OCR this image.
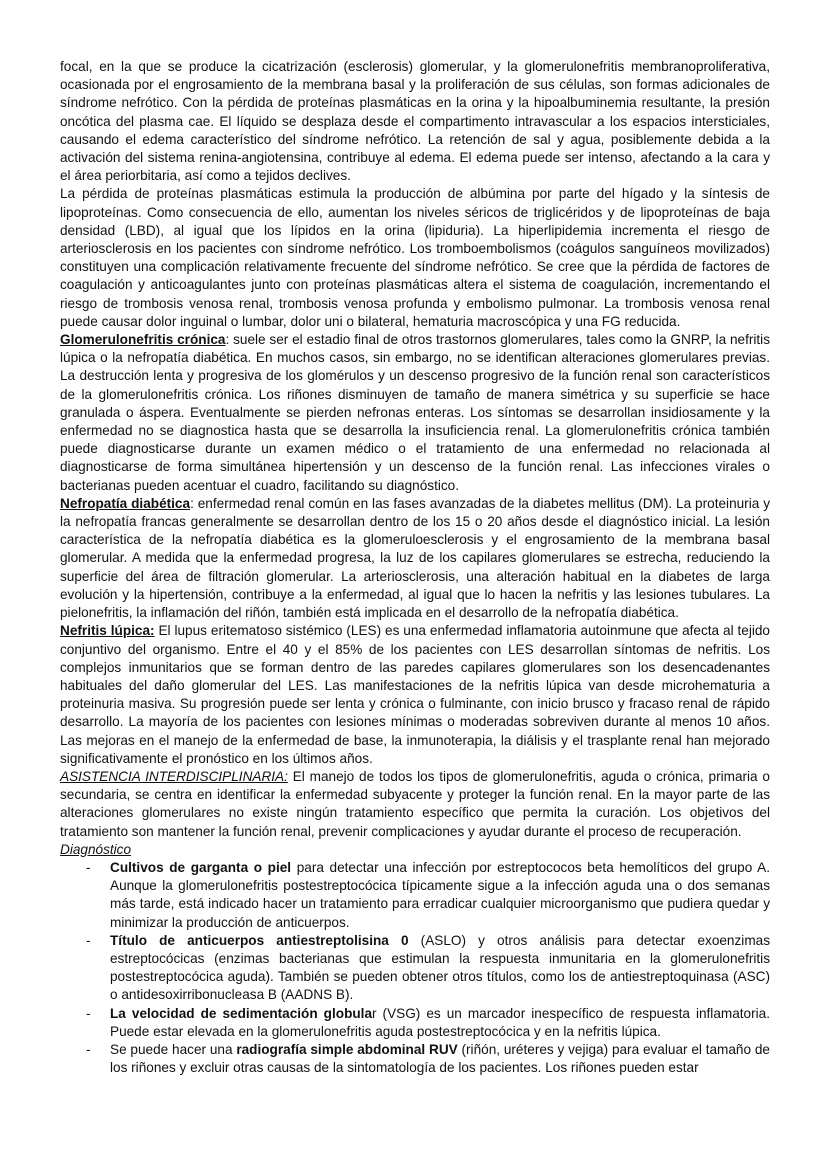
focal, en la que se produce la cicatrización (esclerosis) glomerular, y la glomerulonefritis membranoproliferativa, ocasionada por el engrosamiento de la membrana basal y la proliferación de sus células, son formas adicionales de síndrome nefrótico. Con la pérdida de proteínas plasmáticas en la orina y la hipoalbuminemia resultante, la presión oncótica del plasma cae. El líquido se desplaza desde el compartimento intravascular a los espacios intersticiales, causando el edema característico del síndrome nefrótico. La retención de sal y agua, posiblemente debida a la activación del sistema renina-angiotensina, contribuye al edema. El edema puede ser intenso, afectando a la cara y el área periorbitaria, así como a tejidos declives.

La pérdida de proteínas plasmáticas estimula la producción de albúmina por parte del hígado y la síntesis de lipoproteínas. Como consecuencia de ello, aumentan los niveles séricos de triglicéridos y de lipoproteínas de baja densidad (LBD), al igual que los lípidos en la orina (lipiduria). La hiperlipidemia incrementa el riesgo de arteriosclerosis en los pacientes con síndrome nefrótico. Los tromboembolismos (coágulos sanguíneos movilizados) constituyen una complicación relativamente frecuente del síndrome nefrótico. Se cree que la pérdida de factores de coagulación y anticoagulantes junto con proteínas plasmáticas altera el sistema de coagulación, incrementando el riesgo de trombosis venosa renal, trombosis venosa profunda y embolismo pulmonar. La trombosis venosa renal puede causar dolor inguinal o lumbar, dolor uni o bilateral, hematuria macroscópica y una FG reducida.

Glomerulonefritis crónica: suele ser el estadio final de otros trastornos glomerulares, tales como la GNRP, la nefritis lúpica o la nefropatía diabética. En muchos casos, sin embargo, no se identifican alteraciones glomerulares previas. La destrucción lenta y progresiva de los glomérulos y un descenso progresivo de la función renal son característicos de la glomerulonefritis crónica. Los riñones disminuyen de tamaño de manera simétrica y su superficie se hace granulada o áspera. Eventualmente se pierden nefronas enteras. Los síntomas se desarrollan insidiosamente y la enfermedad no se diagnostica hasta que se desarrolla la insuficiencia renal. La glomerulonefritis crónica también puede diagnosticarse durante un examen médico o el tratamiento de una enfermedad no relacionada al diagnosticarse de forma simultánea hipertensión y un descenso de la función renal. Las infecciones virales o bacterianas pueden acentuar el cuadro, facilitando su diagnóstico.

Nefropatía diabética: enfermedad renal común en las fases avanzadas de la diabetes mellitus (DM). La proteinuria y la nefropatía francas generalmente se desarrollan dentro de los 15 o 20 años desde el diagnóstico inicial. La lesión característica de la nefropatía diabética es la glomeruloesclerosis y el engrosamiento de la membrana basal glomerular. A medida que la enfermedad progresa, la luz de los capilares glomerulares se estrecha, reduciendo la superficie del área de filtración glomerular. La arteriosclerosis, una alteración habitual en la diabetes de larga evolución y la hipertensión, contribuye a la enfermedad, al igual que lo hacen la nefritis y las lesiones tubulares. La pielonefritis, la inflamación del riñón, también está implicada en el desarrollo de la nefropatía diabética.

Nefritis lúpica: El lupus eritematoso sistémico (LES) es una enfermedad inflamatoria autoinmune que afecta al tejido conjuntivo del organismo. Entre el 40 y el 85% de los pacientes con LES desarrollan síntomas de nefritis. Los complejos inmunitarios que se forman dentro de las paredes capilares glomerulares son los desencadenantes habituales del daño glomerular del LES. Las manifestaciones de la nefritis lúpica van desde microhematuria a proteinuria masiva. Su progresión puede ser lenta y crónica o fulminante, con inicio brusco y fracaso renal de rápido desarrollo. La mayoría de los pacientes con lesiones mínimas o moderadas sobreviven durante al menos 10 años. Las mejoras en el manejo de la enfermedad de base, la inmunoterapia, la diálisis y el trasplante renal han mejorado significativamente el pronóstico en los últimos años.

ASISTENCIA INTERDISCIPLINARIA: El manejo de todos los tipos de glomerulonefritis, aguda o crónica, primaria o secundaria, se centra en identificar la enfermedad subyacente y proteger la función renal. En la mayor parte de las alteraciones glomerulares no existe ningún tratamiento específico que permita la curación. Los objetivos del tratamiento son mantener la función renal, prevenir complicaciones y ayudar durante el proceso de recuperación.

Diagnóstico

- Cultivos de garganta o piel para detectar una infección por estreptococos beta hemolíticos del grupo A. Aunque la glomerulonefritis postestreptocócica típicamente sigue a la infección aguda una o dos semanas más tarde, está indicado hacer un tratamiento para erradicar cualquier microorganismo que pudiera quedar y minimizar la producción de anticuerpos.
- Título de anticuerpos antiestreptolisina 0 (ASLO) y otros análisis para detectar exoenzimas estreptocócicas (enzimas bacterianas que estimulan la respuesta inmunitaria en la glomerulonefritis postestreptocócica aguda). También se pueden obtener otros títulos, como los de antiestreptoquinasa (ASC) o antidesoxirribonucleasa B (AADNS B).
- La velocidad de sedimentación globular (VSG) es un marcador inespecífico de respuesta inflamatoria. Puede estar elevada en la glomerulonefritis aguda postestreptocócica y en la nefritis lúpica.
- Se puede hacer una radiografía simple abdominal RUV (riñón, uréteres y vejiga) para evaluar el tamaño de los riñones y excluir otras causas de la sintomatología de los pacientes. Los riñones pueden estar
